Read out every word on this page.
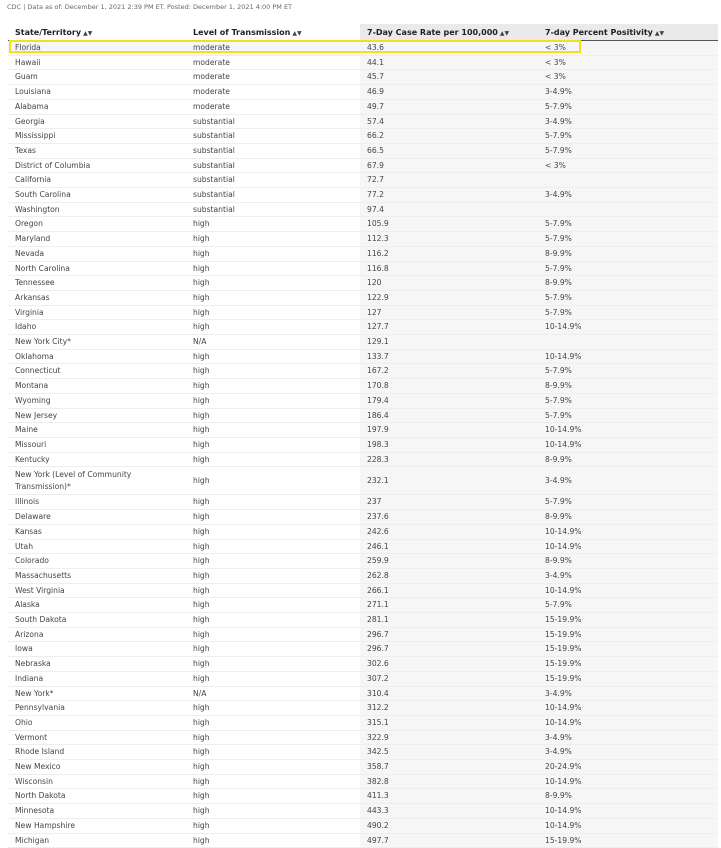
CDC | Data as of: December 1, 2021 2:39 PM ET. Posted: December 1, 2021 4:00 PM ET
State/Territory ▲▼	Level of Transmission ▲▼	7-Day Case Rate per 100,000 ▲▼	7-day Percent Positivity ▲▼
Florida	moderate	43.6	< 3%
Hawaii	moderate	44.1	< 3%
Guam	moderate	45.7	< 3%
Louisiana	moderate	46.9	3-4.9%
Alabama	moderate	49.7	5-7.9%
Georgia	substantial	57.4	3-4.9%
Mississippi	substantial	66.2	5-7.9%
Texas	substantial	66.5	5-7.9%
District of Columbia	substantial	67.9	< 3%
California	substantial	72.7	
South Carolina	substantial	77.2	3-4.9%
Washington	substantial	97.4	
Oregon	high	105.9	5-7.9%
Maryland	high	112.3	5-7.9%
Nevada	high	116.2	8-9.9%
North Carolina	high	116.8	5-7.9%
Tennessee	high	120	8-9.9%
Arkansas	high	122.9	5-7.9%
Virginia	high	127	5-7.9%
Idaho	high	127.7	10-14.9%
New York City*	N/A	129.1	
Oklahoma	high	133.7	10-14.9%
Connecticut	high	167.2	5-7.9%
Montana	high	170.8	8-9.9%
Wyoming	high	179.4	5-7.9%
New Jersey	high	186.4	5-7.9%
Maine	high	197.9	10-14.9%
Missouri	high	198.3	10-14.9%
Kentucky	high	228.3	8-9.9%
New York (Level of Community Transmission)*	high	232.1	3-4.9%
Illinois	high	237	5-7.9%
Delaware	high	237.6	8-9.9%
Kansas	high	242.6	10-14.9%
Utah	high	246.1	10-14.9%
Colorado	high	259.9	8-9.9%
Massachusetts	high	262.8	3-4.9%
West Virginia	high	266.1	10-14.9%
Alaska	high	271.1	5-7.9%
South Dakota	high	281.1	15-19.9%
Arizona	high	296.7	15-19.9%
Iowa	high	296.7	15-19.9%
Nebraska	high	302.6	15-19.9%
Indiana	high	307.2	15-19.9%
New York*	N/A	310.4	3-4.9%
Pennsylvania	high	312.2	10-14.9%
Ohio	high	315.1	10-14.9%
Vermont	high	322.9	3-4.9%
Rhode Island	high	342.5	3-4.9%
New Mexico	high	358.7	20-24.9%
Wisconsin	high	382.8	10-14.9%
North Dakota	high	411.3	8-9.9%
Minnesota	high	443.3	10-14.9%
New Hampshire	high	490.2	10-14.9%
Michigan	high	497.7	15-19.9%
